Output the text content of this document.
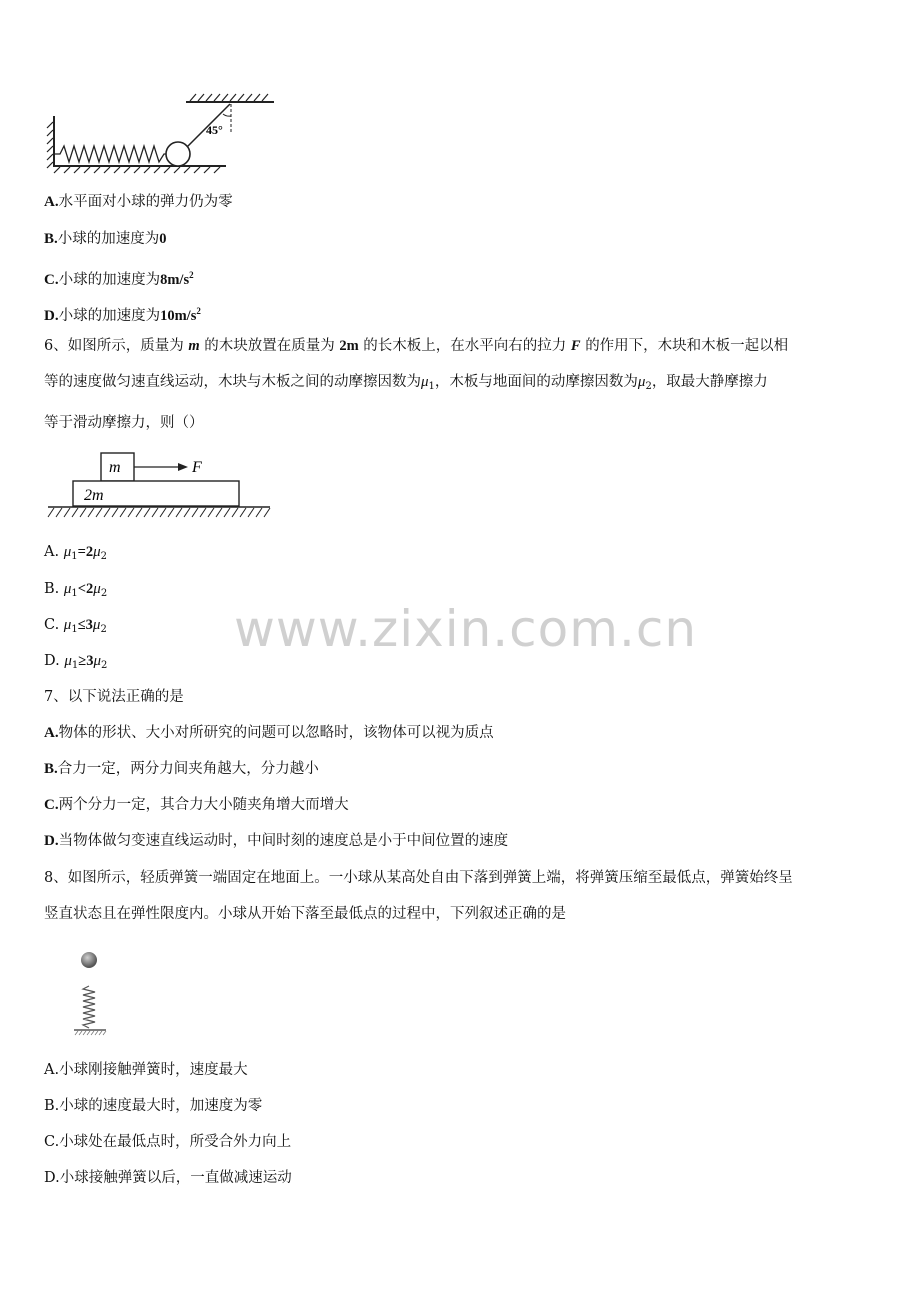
45°
A.水平面对小球的弹力仍为零
B.小球的加速度为0
C.小球的加速度为$8m/s^2$
D.小球的加速度为$10m/s^2$
6、如图所示，质量为 m 的木块放置在质量为 2m 的长木板上，在水平向右的拉力 F 的作用下，木块和木板一起以相
等的速度做匀速直线运动，木块与木板之间的动摩擦因数为$\mu_1$，木板与地面间的动摩擦因数为$\mu_2$，取最大静摩擦力
等于滑动摩擦力，则（）
m	F
2m
A. $\mu_1=2\mu_2$
B. $\mu_1<2\mu_2$
C. $\mu_1\le 3\mu_2$
D. $\mu_1\ge 3\mu_2$
www.zixin.com.cn
7、以下说法正确的是
A.物体的形状、大小对所研究的问题可以忽略时，该物体可以视为质点
B.合力一定，两分力间夹角越大，分力越小
C.两个分力一定，其合力大小随夹角增大而增大
D.当物体做匀变速直线运动时，中间时刻的速度总是小于中间位置的速度
8、如图所示，轻质弹簧一端固定在地面上。一小球从某高处自由下落到弹簧上端，将弹簧压缩至最低点，弹簧始终呈
竖直状态且在弹性限度内。小球从开始下落至最低点的过程中，下列叙述正确的是
A.小球刚接触弹簧时，速度最大
B.小球的速度最大时，加速度为零
C.小球处在最低点时，所受合外力向上
D.小球接触弹簧以后，一直做减速运动
